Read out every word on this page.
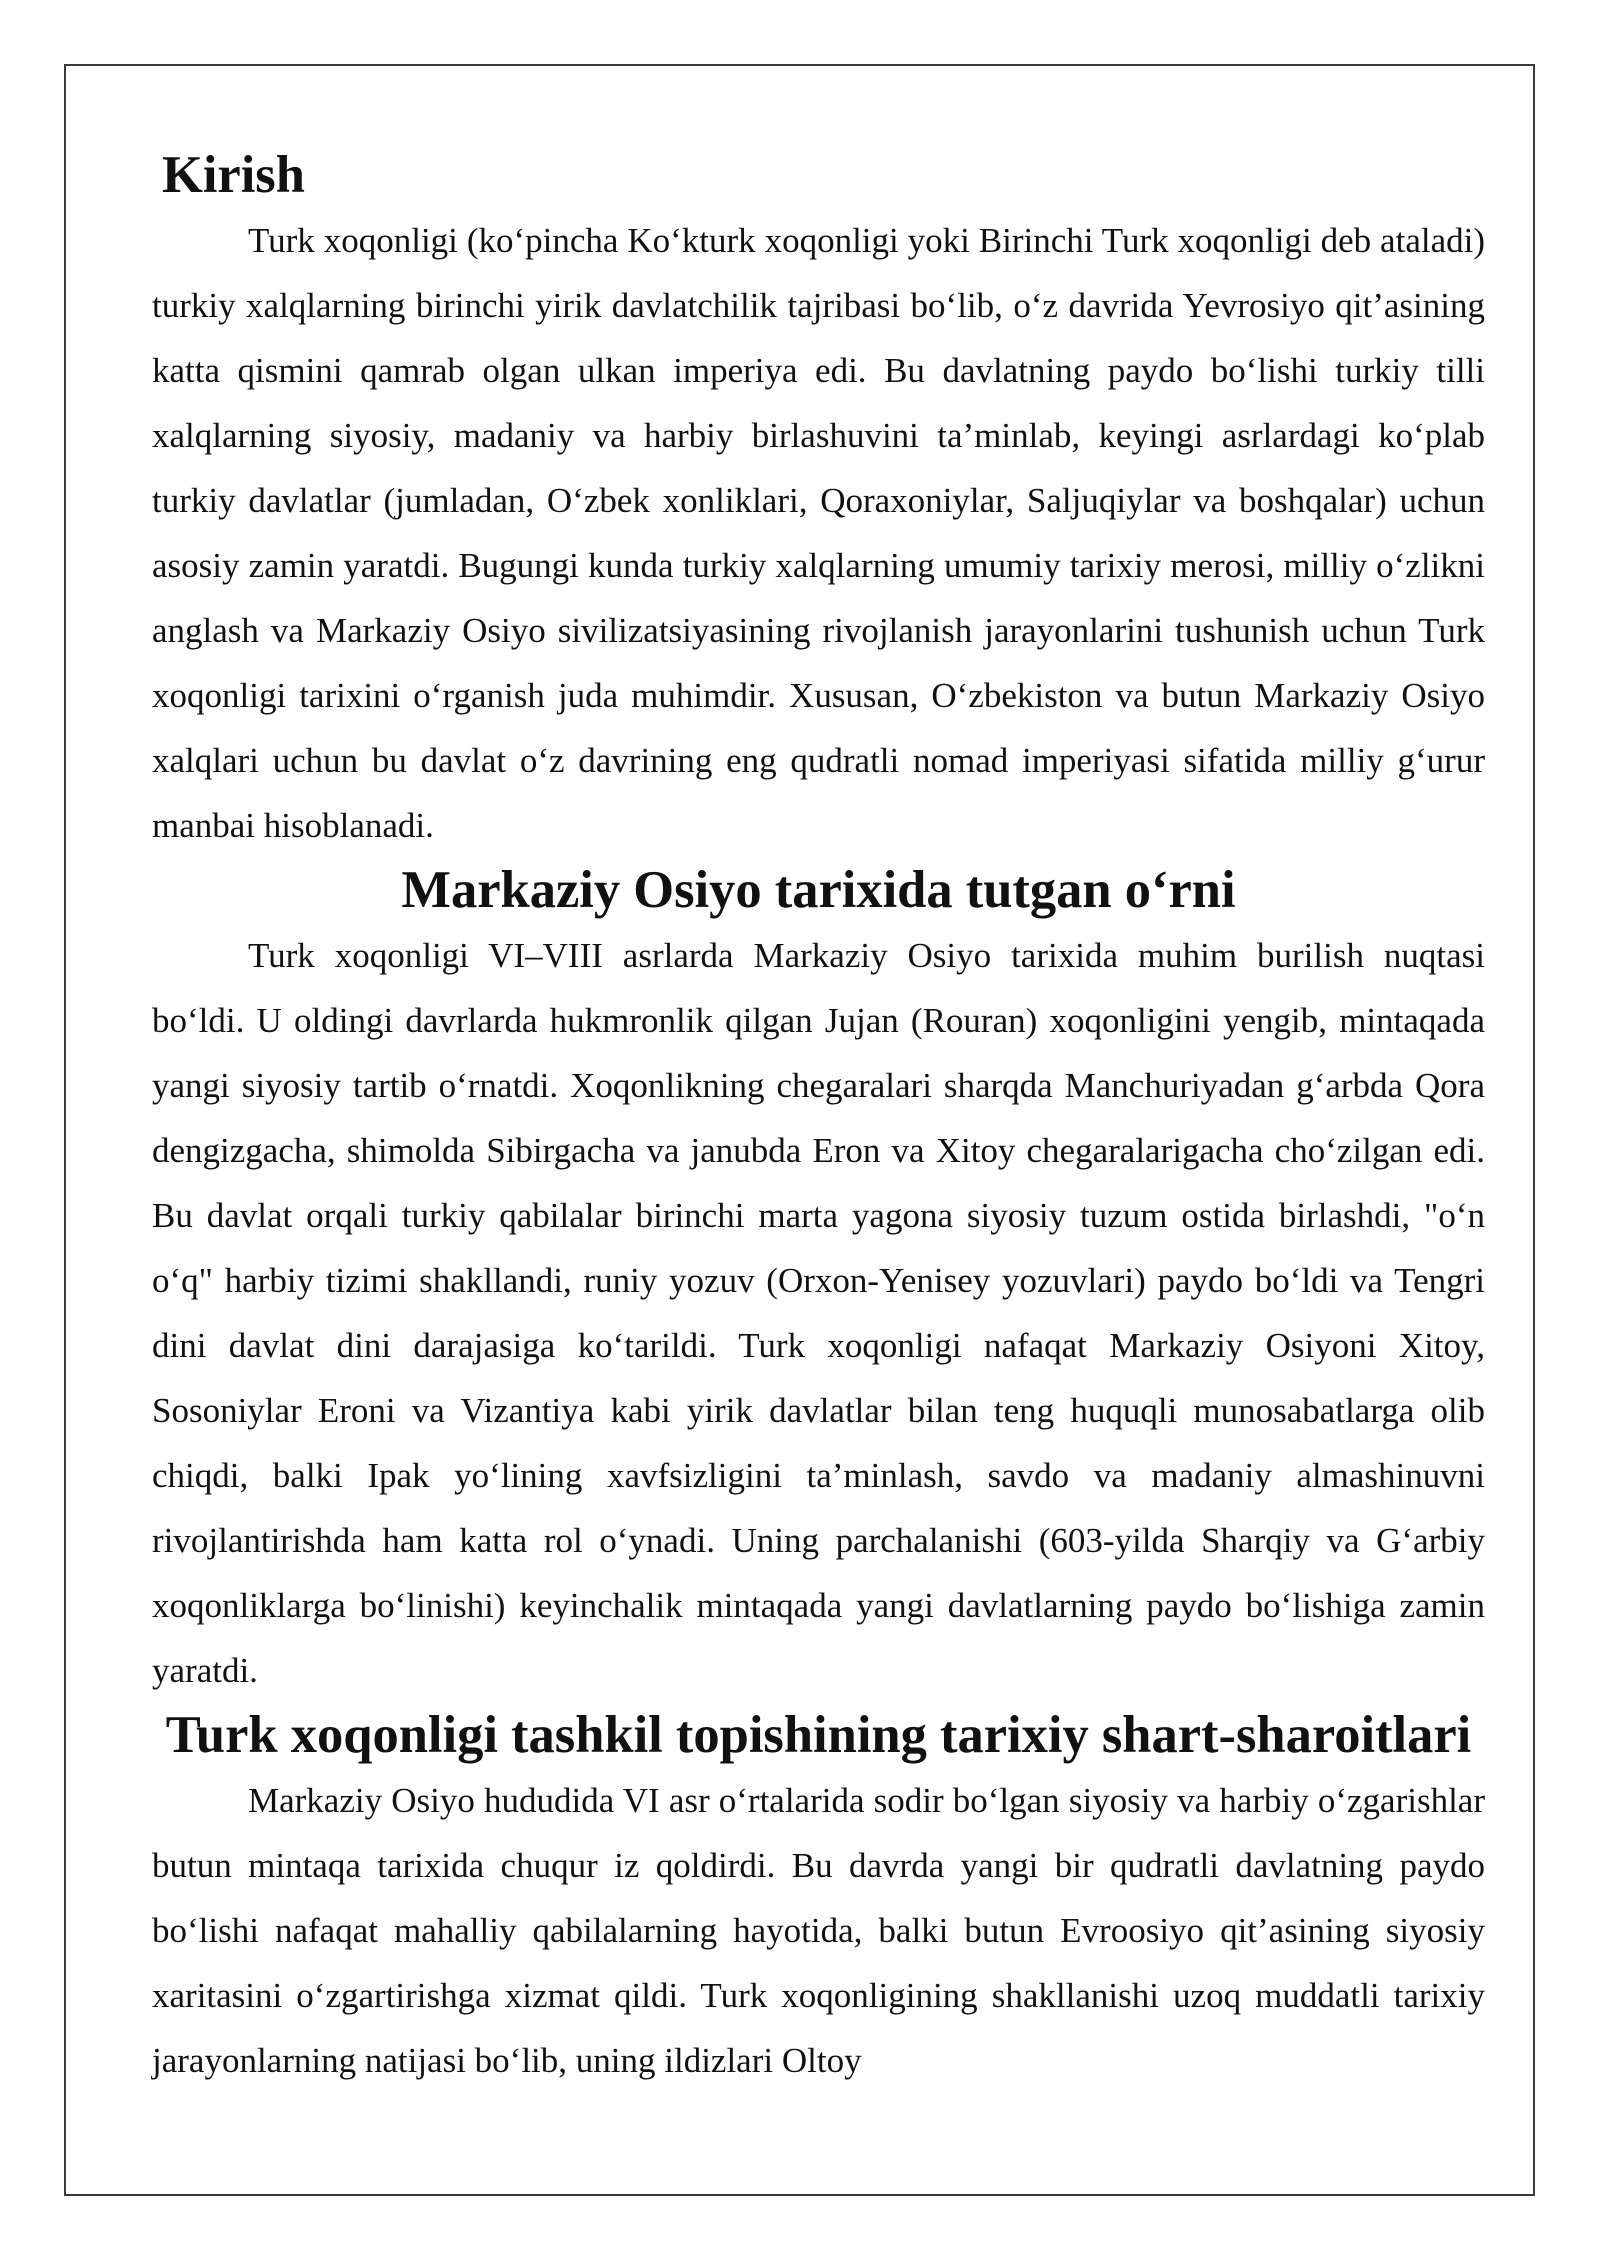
Kirish

Turk xoqonligi (ko‘pincha Ko‘kturk xoqonligi yoki Birinchi Turk xoqonligi deb ataladi) turkiy xalqlarning birinchi yirik davlatchilik tajribasi bo‘lib, o‘z davrida Yevrosiyo qit’asining katta qismini qamrab olgan ulkan imperiya edi. Bu davlatning paydo bo‘lishi turkiy tilli xalqlarning siyosiy, madaniy va harbiy birlashuvini ta’minlab, keyingi asrlardagi ko‘plab turkiy davlatlar (jumladan, O‘zbek xonliklari, Qoraxoniylar, Saljuqiylar va boshqalar) uchun asosiy zamin yaratdi. Bugungi kunda turkiy xalqlarning umumiy tarixiy merosi, milliy o‘zlikni anglash va Markaziy Osiyo sivilizatsiyasining rivojlanish jarayonlarini tushunish uchun Turk xoqonligi tarixini o‘rganish juda muhimdir. Xususan, O‘zbekiston va butun Markaziy Osiyo xalqlari uchun bu davlat o‘z davrining eng qudratli nomad imperiyasi sifatida milliy g‘urur manbai hisoblanadi.

Markaziy Osiyo tarixida tutgan o‘rni

Turk xoqonligi VI–VIII asrlarda Markaziy Osiyo tarixida muhim burilish nuqtasi bo‘ldi. U oldingi davrlarda hukmronlik qilgan Jujan (Rouran) xoqonligini yengib, mintaqada yangi siyosiy tartib o‘rnatdi. Xoqonlikning chegaralari sharqda Manchuriyadan g‘arbda Qora dengizgacha, shimolda Sibirgacha va janubda Eron va Xitoy chegaralarigacha cho‘zilgan edi. Bu davlat orqali turkiy qabilalar birinchi marta yagona siyosiy tuzum ostida birlashdi, "o‘n o‘q" harbiy tizimi shakllandi, runiy yozuv (Orxon-Yenisey yozuvlari) paydo bo‘ldi va Tengri dini davlat dini darajasiga ko‘tarildi. Turk xoqonligi nafaqat Markaziy Osiyoni Xitoy, Sosoniylar Eroni va Vizantiya kabi yirik davlatlar bilan teng huquqli munosabatlarga olib chiqdi, balki Ipak yo‘lining xavfsizligini ta’minlash, savdo va madaniy almashinuvni rivojlantirishda ham katta rol o‘ynadi. Uning parchalanishi (603-yilda Sharqiy va G‘arbiy xoqonliklarga bo‘linishi) keyinchalik mintaqada yangi davlatlarning paydo bo‘lishiga zamin yaratdi.

Turk xoqonligi tashkil topishining tarixiy shart-sharoitlari

Markaziy Osiyo hududida VI asr o‘rtalarida sodir bo‘lgan siyosiy va harbiy o‘zgarishlar butun mintaqa tarixida chuqur iz qoldirdi. Bu davrda yangi bir qudratli davlatning paydo bo‘lishi nafaqat mahalliy qabilalarning hayotida, balki butun Evroosiyo qit’asining siyosiy xaritasini o‘zgartirishga xizmat qildi. Turk xoqonligining shakllanishi uzoq muddatli tarixiy jarayonlarning natijasi bo‘lib, uning ildizlari Oltoy
